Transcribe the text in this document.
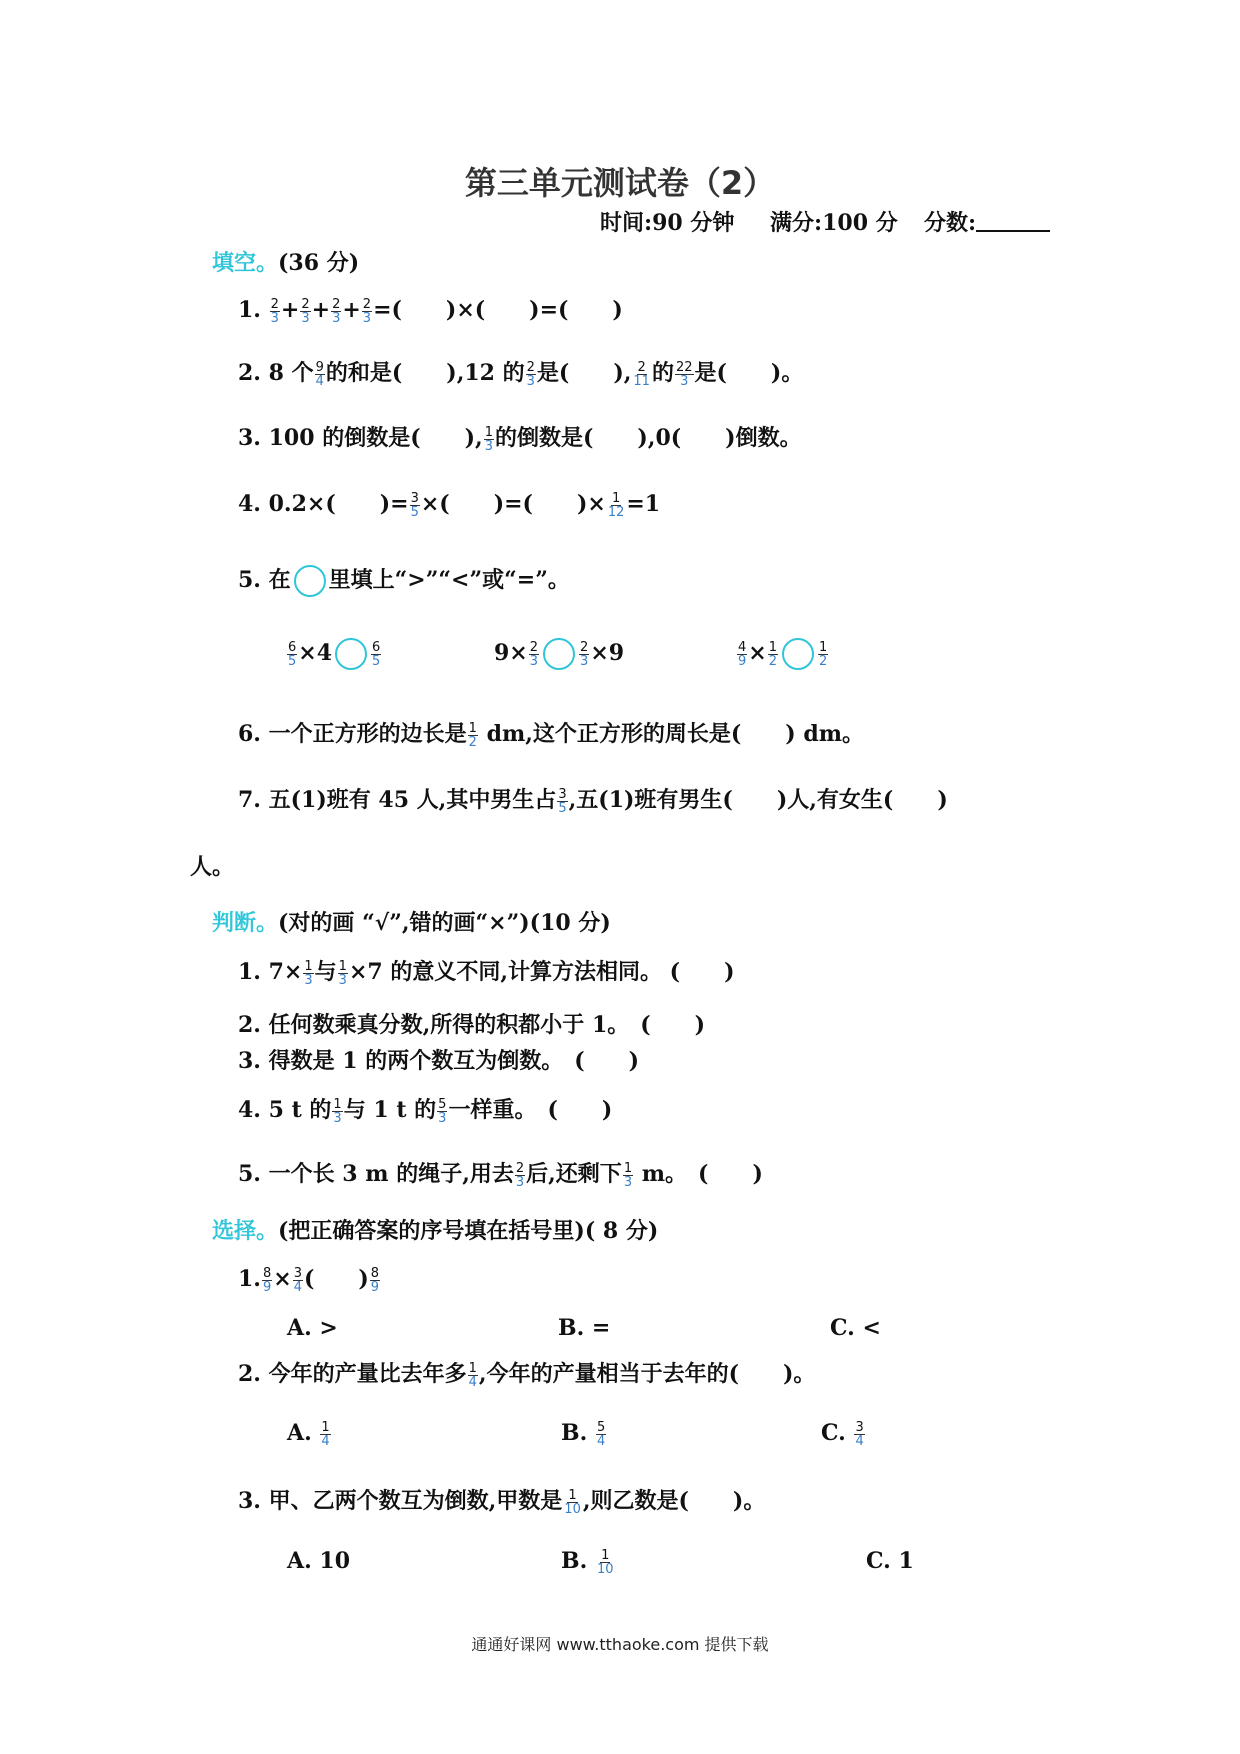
第三单元测试卷（2）
时间:90 分钟 满分:100 分 分数:
填空。(36 分)
1. $\frac{2}{3} + \frac{2}{3} + \frac{2}{3} + \frac{2}{3}$ =(　　)×(　　)=(　　)
2. 8 个 $\frac{9}{4}$ 的和是(　　),12 的 $\frac{2}{3}$ 是(　　), $\frac{2}{11}$ 的 $\frac{22}{3}$ 是(　　)。
3. 100 的倒数是(　　), $\frac{1}{3}$ 的倒数是(　　),0(　　)倒数。
4. 0.2×(　　)= $\frac{3}{5}$ ×(　　)=(　　)× $\frac{1}{12} =1$
5. 在 里填上“>”“<”或“=”。
$\frac{6}{5} \times 4$	$\frac{6}{5}$	$9\times \frac{2}{3}$	$\frac{2}{3} \times 9$	$\frac{4}{9} \times \frac{1}{2}$	$\frac{1}{2}$
6. 一个正方形的边长是 $\frac{1}{2}$ dm,这个正方形的周长是(　　) dm。
7. 五(1)班有 45 人,其中男生占 $\frac{3}{5}$ ,五(1)班有男生(　　)人,有女生(　　)
人。
判断。(对的画 “√”,错的画“×”)(10 分)
1. $7\times \frac{1}{3}$ 与 $\frac{1}{3} \times 7$ 的意义不同,计算方法相同。 (　　)
2. 任何数乘真分数,所得的积都小于 1。　(　　)
3. 得数是 1 的两个数互为倒数。　(　　)
4. 5 t 的 $\frac{1}{3}$ 与 1 t 的 $\frac{5}{3}$ 一样重。　(　　)
5. 一个长 3 m 的绳子,用去 $\frac{2}{3}$ 后,还剩下 $\frac{1}{3}$ m。　(　　)
选择。(把正确答案的序号填在括号里)( 8 分)
1. $\frac{8}{9} \times \frac{3}{4}$ (　　) $\frac{8}{9}$
A. >	B. =	C. <
2. 今年的产量比去年多 $\frac{1}{4}$ ,今年的产量相当于去年的(　　)。
A. $\frac{1}{4}$	B. $\frac{5}{4}$	C. $\frac{3}{4}$
3. 甲、乙两个数互为倒数,甲数是 $\frac{1}{10}$ ,则乙数是(　　)。
A. 10	B. $\frac{1}{10}$	C. 1
通通好课网 www.tthaoke.com 提供下载
